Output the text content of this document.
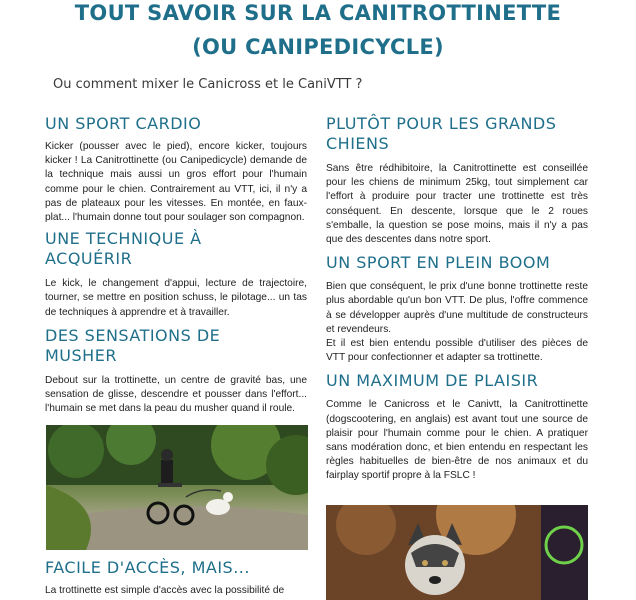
TOUT SAVOIR SUR LA CANITROTTINETTE
(OU CANIPEDICYCLE)

Ou comment mixer le Canicross et le CaniVTT ?

UN SPORT CARDIO

Kicker (pousser avec le pied), encore kicker, toujours kicker ! La Canitrottinette (ou Canipedicycle) demande de la technique mais aussi un gros effort pour l'humain comme pour le chien. Contrairement au VTT, ici, il n'y a pas de plateaux pour les vitesses. En montée, en faux-plat... l'humain donne tout pour soulager son compagnon.

UNE TECHNIQUE À
ACQUÉRIR

Le kick, le changement d'appui, lecture de trajectoire, tourner, se mettre en position schuss, le pilotage... un tas de techniques à apprendre et à travailler.

DES SENSATIONS DE
MUSHER

Debout sur la trottinette, un centre de gravité bas, une sensation de glisse, descendre et pousser dans l'effort... l'humain se met dans la peau du musher quand il roule.

FACILE D'ACCÈS, MAIS...

La trottinette est simple d'accès avec la possibilité de

PLUTÔT POUR LES GRANDS
CHIENS

Sans être rédhibitoire, la Canitrottinette est conseillée pour les chiens de minimum 25kg, tout simplement car l'effort à produire pour tracter une trottinette est très conséquent. En descente, lorsque que le 2 roues s'emballe, la question se pose moins, mais il n'y a pas que des descentes dans notre sport.

UN SPORT EN PLEIN BOOM

Bien que conséquent, le prix d'une bonne trottinette reste plus abordable qu'un bon VTT. De plus, l'offre commence à se développer auprès d'une multitude de constructeurs et revendeurs.

Et il est bien entendu possible d'utiliser des pièces de VTT pour confectionner et adapter sa trottinette.

UN MAXIMUM DE PLAISIR

Comme le Canicross et le Canivtt, la Canitrottinette (dogscootering, en anglais) est avant tout une source de plaisir pour l'humain comme pour le chien. A pratiquer sans modération donc, et bien entendu en respectant les règles habituelles de bien-être de nos animaux et du fairplay sportif propre à la FSLC !
